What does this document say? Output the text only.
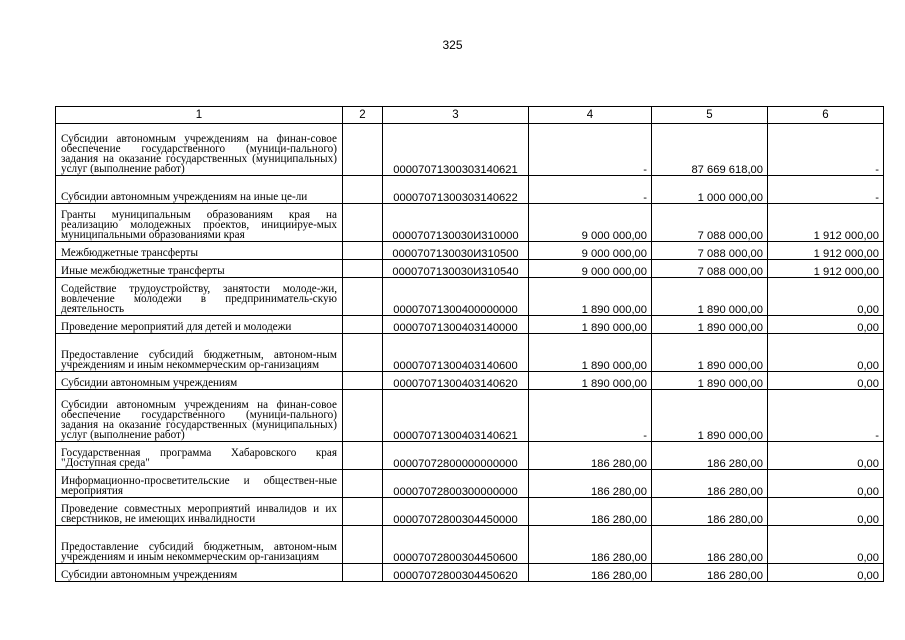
325
1	2	3	4	5	6
Субсидии автономным учреждениям на финан-совое обеспечение государственного (муници-пального) задания на оказание государственных (муниципальных) услуг (выполнение работ)		00007071300303140621	-	87 669 618,00	-
Субсидии автономным учреждениям на иные це-ли		00007071300303140622	-	1 000 000,00	-
Гранты муниципальным образованиям края на реализацию молодежных проектов, инициируе-мых муниципальными образованиями края		0000707130030И310000	9 000 000,00	7 088 000,00	1 912 000,00
Межбюджетные трансферты		0000707130030И310500	9 000 000,00	7 088 000,00	1 912 000,00
Иные межбюджетные трансферты		0000707130030И310540	9 000 000,00	7 088 000,00	1 912 000,00
Содействие трудоустройству, занятости молоде-жи, вовлечение молодежи в предприниматель-скую деятельность		00007071300400000000	1 890 000,00	1 890 000,00	0,00
Проведение мероприятий для детей и молодежи		00007071300403140000	1 890 000,00	1 890 000,00	0,00
Предоставление субсидий бюджетным, автоном-ным учреждениям и иным некоммерческим ор-ганизациям		00007071300403140600	1 890 000,00	1 890 000,00	0,00
Субсидии автономным учреждениям		00007071300403140620	1 890 000,00	1 890 000,00	0,00
Субсидии автономным учреждениям на финан-совое обеспечение государственного (муници-пального) задания на оказание государственных (муниципальных) услуг (выполнение работ)		00007071300403140621	-	1 890 000,00	-
Государственная программа Хабаровского края "Доступная среда"		00007072800000000000	186 280,00	186 280,00	0,00
Информационно-просветительские и обществен-ные мероприятия		00007072800300000000	186 280,00	186 280,00	0,00
Проведение совместных мероприятий инвалидов и их сверстников, не имеющих инвалидности		00007072800304450000	186 280,00	186 280,00	0,00
Предоставление субсидий бюджетным, автоном-ным учреждениям и иным некоммерческим ор-ганизациям		00007072800304450600	186 280,00	186 280,00	0,00
Субсидии автономным учреждениям		00007072800304450620	186 280,00	186 280,00	0,00
